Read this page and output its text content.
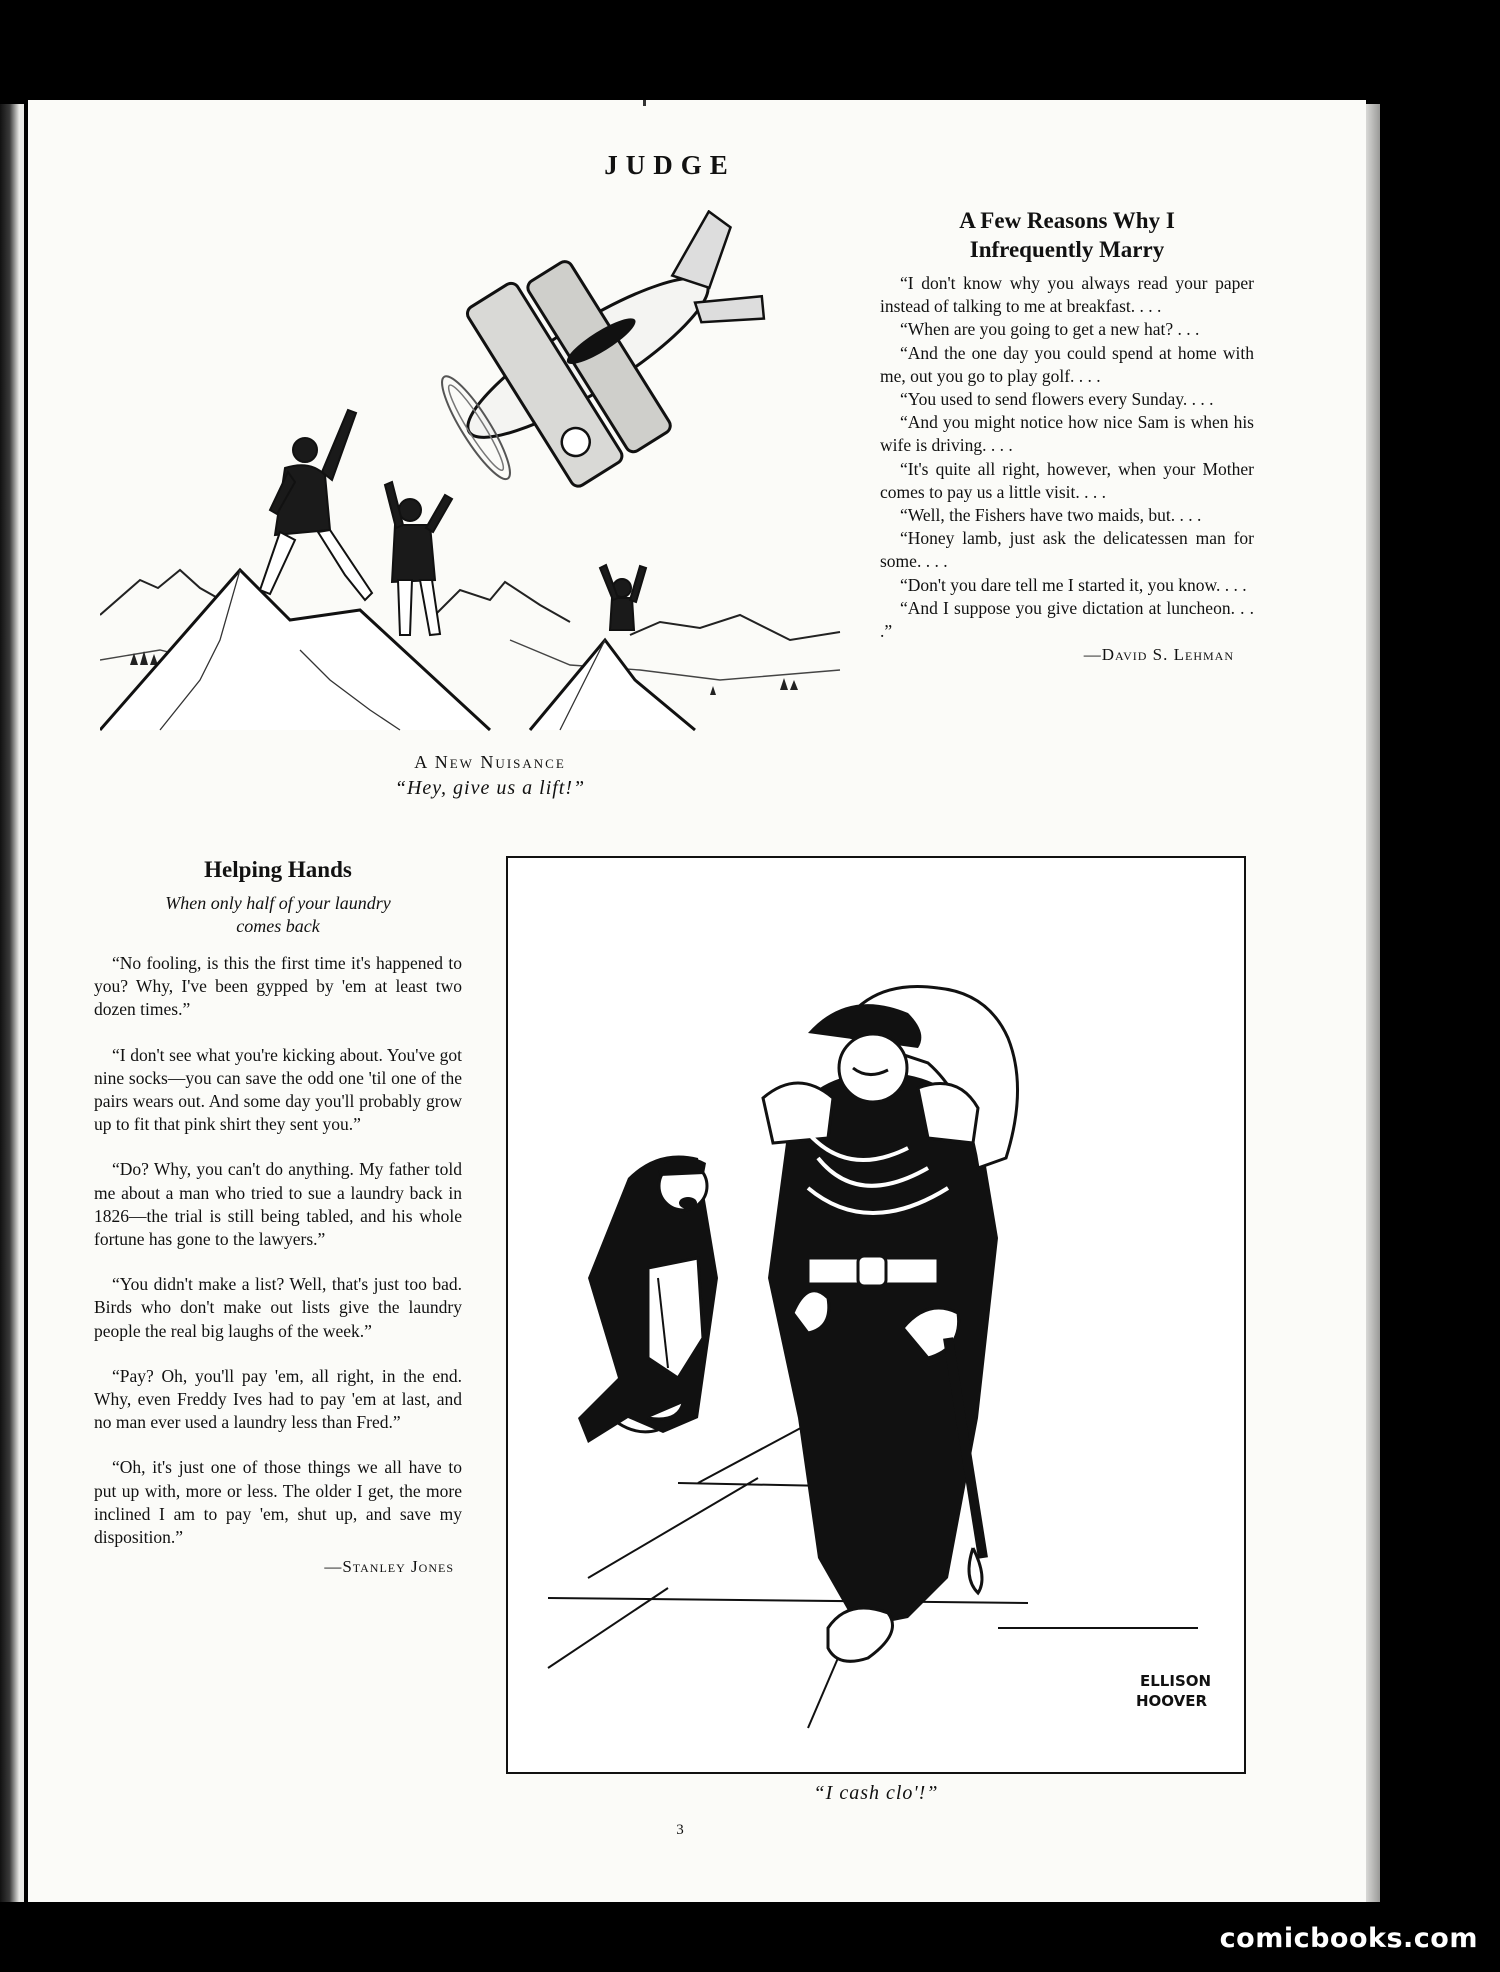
JUDGE
A New Nuisance
“Hey, give us a lift!”
A Few Reasons Why I
Infrequently Marry

“I don't know why you always read your paper instead of talking to me at breakfast. . . .

“When are you going to get a new hat? . . .

“And the one day you could spend at home with me, out you go to play golf. . . .

“You used to send flowers every Sunday. . . .

“And you might notice how nice Sam is when his wife is driving. . . .

“It's quite all right, however, when your Mother comes to pay us a little visit. . . .

“Well, the Fishers have two maids, but. . . .

“Honey lamb, just ask the delicatessen man for some. . . .

“Don't you dare tell me I started it, you know. . . .

“And I suppose you give dictation at luncheon. . . .”

—David S. Lehman
Helping Hands
When only half of your laundry
comes back

“No fooling, is this the first time it's happened to you? Why, I've been gypped by 'em at least two dozen times.”

“I don't see what you're kicking about. You've got nine socks—you can save the odd one 'til one of the pairs wears out. And some day you'll probably grow up to fit that pink shirt they sent you.”

“Do? Why, you can't do anything. My father told me about a man who tried to sue a laundry back in 1826—the trial is still being tabled, and his whole fortune has gone to the lawyers.”

“You didn't make a list? Well, that's just too bad. Birds who don't make out lists give the laundry people the real big laughs of the week.”

“Pay? Oh, you'll pay 'em, all right, in the end. Why, even Freddy Ives had to pay 'em at last, and no man ever used a laundry less than Fred.”

“Oh, it's just one of those things we all have to put up with, more or less. The older I get, the more inclined I am to pay 'em, shut up, and save my disposition.”

—Stanley Jones
ELLISON
HOOVER
“I cash clo'!”
3
comicbooks.com
